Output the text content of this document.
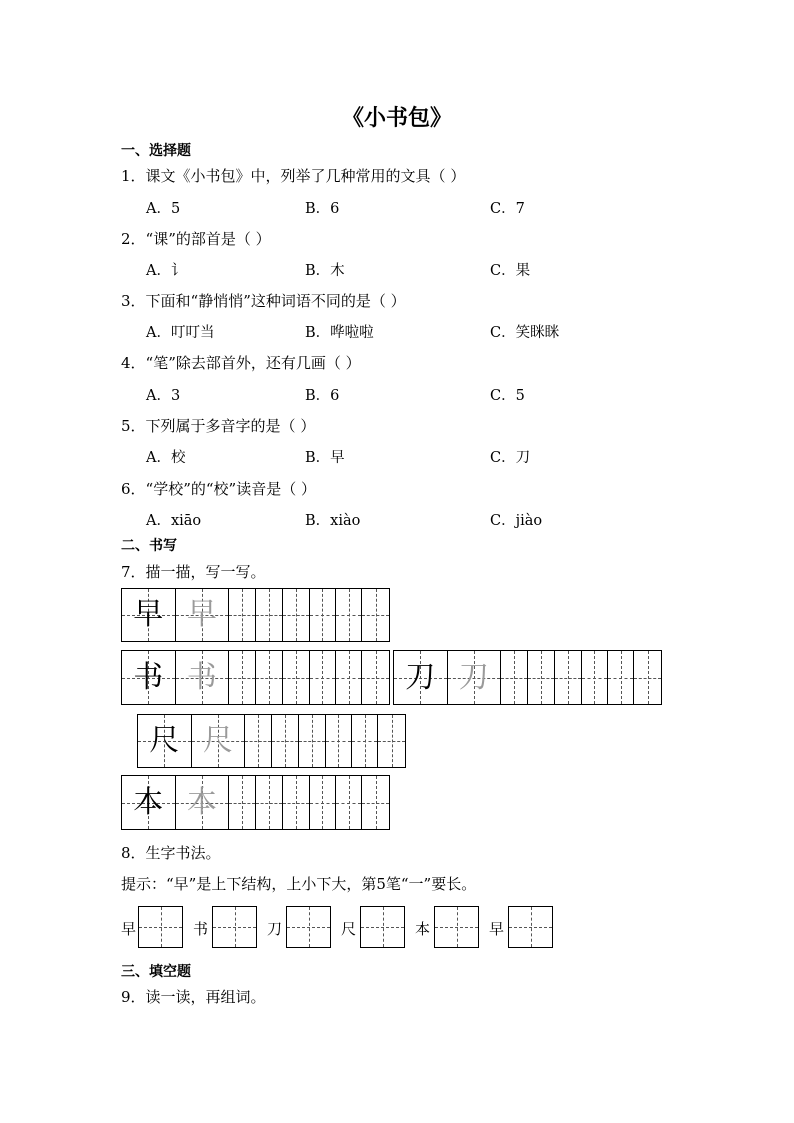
《小书包》
一、选择题
1．课文《小书包》中，列举了几种常用的文具（ ）
A．5	B．6	C．7
2．“课”的部首是（ ）
A．讠	B．木	C．果
3．下面和“静悄悄”这种词语不同的是（ ）
A．叮叮当	B．哗啦啦	C．笑眯眯
4．“笔”除去部首外，还有几画（ ）
A．3	B．6	C．5
5．下列属于多音字的是（ ）
A．校	B．早	C．刀
6．“学校”的“校”读音是（ ）
A．xiāo	B．xiào	C．jiào
二、书写
7．描一描，写一写。
早 早
书 书	刀 刀
尺 尺
本 本
8．生字书法。
提示：“早”是上下结构，上小下大，第5笔“一”要长。
早	书	刀	尺	本	早
三、填空题
9．读一读，再组词。
